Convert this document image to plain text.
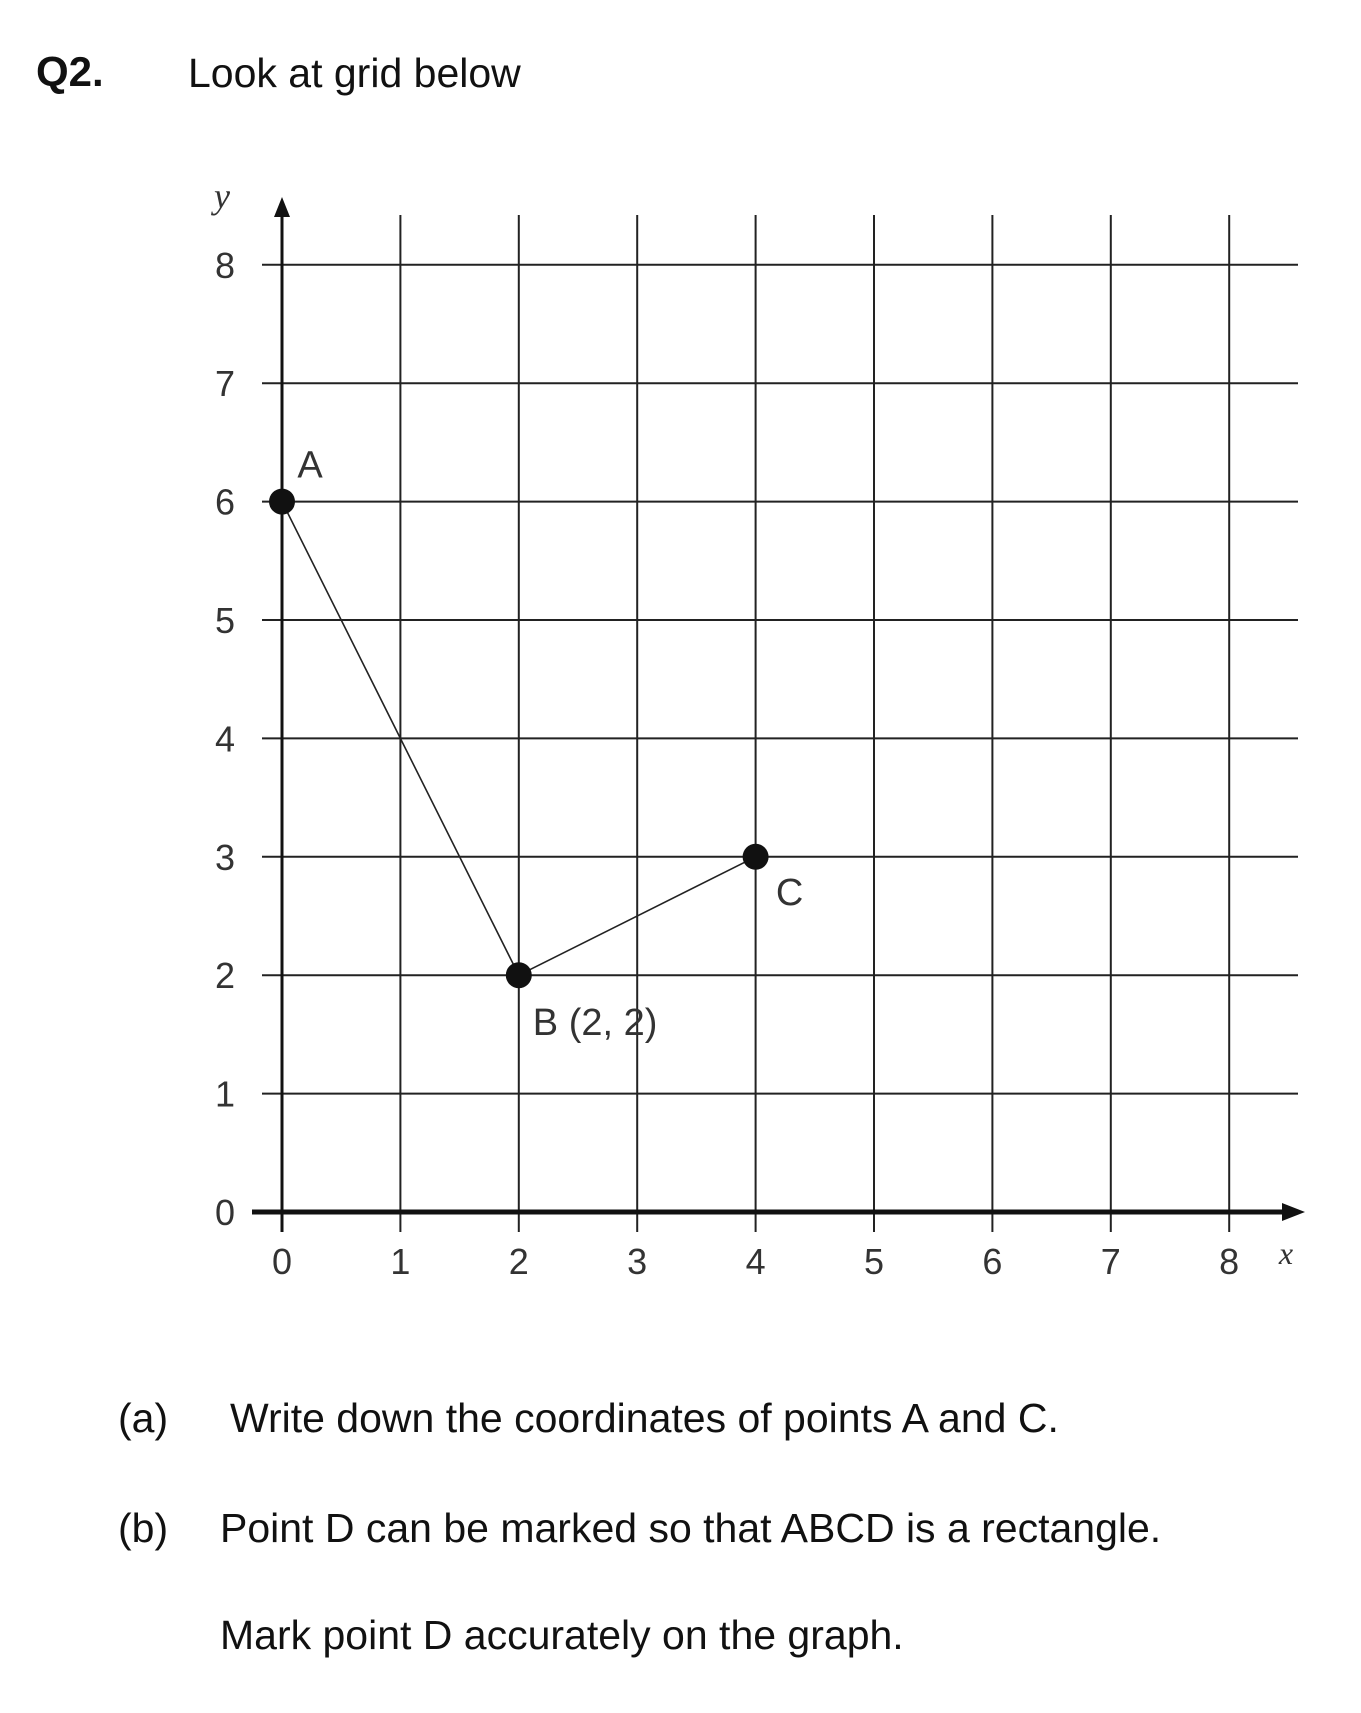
Q2. Look at grid below
0	1	2	3	4	5	6	7	8
0
1
2
3
4
5
6
7
8
x
y
A
B (2, 2)
C
(a) Write down the coordinates of points A and C.
(b) Point D can be marked so that ABCD is a rectangle.
Mark point D accurately on the graph.
